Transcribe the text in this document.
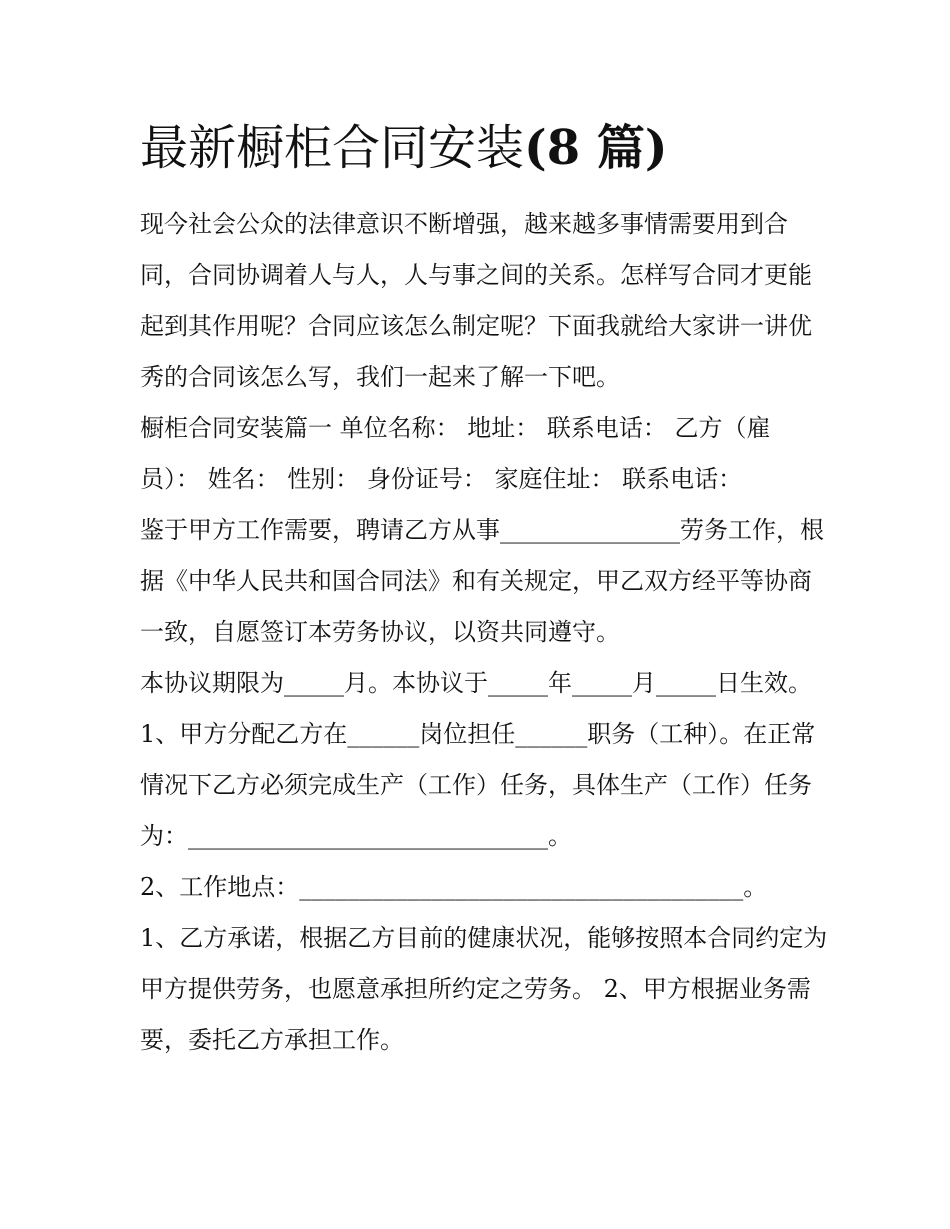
最新橱柜合同安装(8 篇)

现今社会公众的法律意识不断增强，越来越多事情需要用到合同，合同协调着人与人，人与事之间的关系。怎样写合同才更能起到其作用呢？合同应该怎么制定呢？下面我就给大家讲一讲优秀的合同该怎么写，我们一起来了解一下吧。

橱柜合同安装篇一 单位名称： 地址： 联系电话： 乙方（雇员）： 姓名： 性别： 身份证号： 家庭住址： 联系电话：

鉴于甲方工作需要，聘请乙方从事_______________劳务工作，根据《中华人民共和国合同法》和有关规定，甲乙双方经平等协商一致，自愿签订本劳务协议，以资共同遵守。

本协议期限为_____月。本协议于_____年_____月_____日生效。

1、甲方分配乙方在______岗位担任______职务（工种）。在正常情况下乙方必须完成生产（工作）任务，具体生产（工作）任务为：______________________________。

2、工作地点：_____________________________________。

1、乙方承诺，根据乙方目前的健康状况，能够按照本合同约定为甲方提供劳务，也愿意承担所约定之劳务。 2、甲方根据业务需要，委托乙方承担工作。
